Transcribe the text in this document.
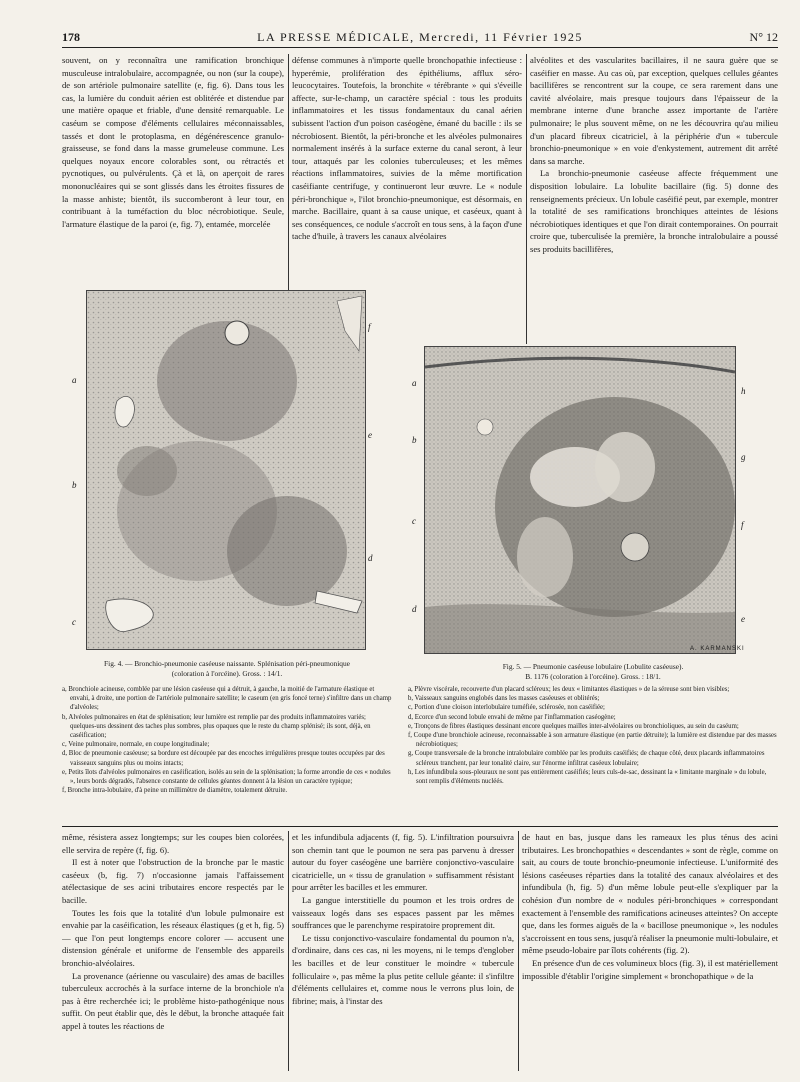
178	LA PRESSE MÉDICALE, Mercredi, 11 Février 1925	N° 12

souvent, on y reconnaîtra une ramification bronchique musculeuse intralobulaire, accompagnée, ou non (sur la coupe), de son artériole pulmonaire satellite (e, fig. 6). Dans tous les cas, la lumière du conduit aérien est oblitérée et distendue par une matière opaque et friable, d'une densité remarquable. Le caséum se compose d'éléments cellulaires méconnaissables, tassés et dont le protoplasma, en dégénérescence granulo-graisseuse, se fond dans la masse grumeleuse commune. Les quelques noyaux encore colorables sont, ou rétractés et pycnotiques, ou pulvérulents. Çà et là, on aperçoit de rares mononucléaires qui se sont glissés dans les étroites fissures de la masse anhiste; bientôt, ils succomberont à leur tour, en contribuant à la tuméfaction du bloc nécrobiotique. Seule, l'armature élastique de la paroi (e, fig. 7), entamée, morcelée

défense communes à n'importe quelle bronchopathie infectieuse : hyperémie, prolifération des épithéliums, afflux séro-leucocytaires. Toutefois, la bronchite « térébrante » qui s'éveille affecte, sur-le-champ, un caractère spécial : tous les produits inflammatoires et les tissus fondamentaux du canal aérien subissent l'action d'un poison caséogène, émané du bacille : ils se nécrobiosent. Bientôt, la péri-bronche et les alvéoles pulmonaires normalement insérés à la surface externe du canal seront, à leur tour, attaqués par les colonies tuberculeuses; et les mêmes réactions inflammatoires, suivies de la même mortification caséifiante centrifuge, y continueront leur œuvre. Le « nodule péri-bronchique », l'ilot bronchio-pneumonique, est désormais, en marche. Bacillaire, quant à sa cause unique, et caséeux, quant à ses conséquences, ce nodule s'accroît en tous sens, à la façon d'une tache d'huile, à travers les canaux alvéolaires

alvéolites et des vascularites bacillaires, il ne saura guère que se caséifier en masse. Au cas où, par exception, quelques cellules géantes bacillifères se rencontrent sur la coupe, ce sera rarement dans une cavité alvéolaire, mais presque toujours dans l'épaisseur de la membrane interne d'une branche assez importante de l'artère pulmonaire; le plus souvent même, on ne les découvrira qu'au milieu d'un placard fibreux cicatriciel, à la périphérie d'un « tubercule bronchio-pneumonique » en voie d'enkystement, autrement dit arrêté dans sa marche.

La bronchio-pneumonie caséeuse affecte fréquemment une disposition lobulaire. La lobulite bacillaire (fig. 5) donne des renseignements précieux. Un lobule caséifié peut, par exemple, montrer la totalité de ses ramifications bronchiques atteintes de lésions nécrobiotiques identiques et que l'on dirait contemporaines. On pourrait croire que, tuberculisée la première, la bronche intralobulaire a poussé ses produits bacillifères,

a
b
c
f
e
d
Fig. 4. — Bronchio-pneumonie caséeuse naissante. Splénisation péri-pneumonique
(coloration à l'orcéine). Gross. : 14/1.
a, Bronchiole acineuse, comblée par une lésion caséeuse qui a détruit, à gauche, la moitié de l'armature élastique et envahi, à droite, une portion de l'artériole pulmonaire satellite; le caseum (en gris foncé terne) s'infiltre dans un champ d'alvéoles;
b, Alvéoles pulmonaires en état de splénisation; leur lumière est remplie par des produits inflammatoires variés; quelques-uns dessinent des taches plus sombres, plus opaques que le reste du champ splénisé; ils sont, déjà, en caséification;
c, Veine pulmonaire, normale, en coupe longitudinale;
d, Bloc de pneumonie caséeuse; sa bordure est découpée par des encoches irrégulières presque toutes occupées par des vaisseaux sanguins plus ou moins intacts;
e, Petits îlots d'alvéoles pulmonaires en caséification, isolés au sein de la splénisation; la forme arrondie de ces « nodules », leurs bords dégradés, l'absence constante de cellules géantes donnent à la lésion un caractère typique;
f, Bronche intra-lobulaire, d'à peine un millimètre de diamètre, totalement détruite.
A. KARMANSKI
a
b
c
d
h
g
f
e
Fig. 5. — Pneumonie caséeuse lobulaire (Lobulite caséeuse).
B. 1176 (coloration à l'orcéine). Gross. : 18/1.
a, Plèvre viscérale, recouverte d'un placard scléreux; les deux « limitantes élastiques » de la séreuse sont bien visibles;
b, Vaisseaux sanguins englobés dans les masses caséeuses et oblitérés;
c, Portion d'une cloison interlobulaire tuméfiée, sclérosée, non caséifiée;
d, Ecorce d'un second lobule envahi de même par l'inflammation caséogène;
e, Tronçons de fibres élastiques dessinant encore quelques mailles inter-alvéolaires ou bronchioliques, au sein du caséum;
f, Coupe d'une bronchiole acineuse, reconnaissable à son armature élastique (en partie détruite); la lumière est distendue par des masses nécrobiotiques;
g, Coupe transversale de la bronche intralobulaire comblée par les produits caséifiés; de chaque côté, deux placards inflammatoires scléreux tranchent, par leur tonalité claire, sur l'énorme infiltrat caséeux lobulaire;
h, Les infundibula sous-pleuraux ne sont pas entièrement caséifiés; leurs culs-de-sac, dessinant la « limitante marginale » du lobule, sont remplis d'éléments nucléés.

même, résistera assez longtemps; sur les coupes bien colorées, elle servira de repère (f, fig. 6).

Il est à noter que l'obstruction de la bronche par le mastic caséeux (b, fig. 7) n'occasionne jamais l'affaissement atélectasique de ses acini tributaires encore respectés par le bacille.

Toutes les fois que la totalité d'un lobule pulmonaire est envahie par la caséification, les réseaux élastiques (g et h, fig. 5) — que l'on peut longtemps encore colorer — accusent une distension générale et uniforme de l'ensemble des appareils bronchio-alvéolaires.

La provenance (aérienne ou vasculaire) des amas de bacilles tuberculeux accrochés à la surface interne de la bronchiole n'a pas à être recherchée ici; le problème histo-pathogénique nous suffit. On peut établir que, dès le début, la bronche attaquée fait appel à toutes les réactions de

et les infundibula adjacents (f, fig. 5). L'infiltration poursuivra son chemin tant que le poumon ne sera pas parvenu à dresser autour du foyer caséogène une barrière conjonctivo-vasculaire cicatricielle, un « tissu de granulation » suffisamment résistant pour arrêter les bacilles et les emmurer.

La gangue interstitielle du poumon et les trois ordres de vaisseaux logés dans ses espaces passent par les mêmes souffrances que le parenchyme respiratoire proprement dit.

Le tissu conjonctivo-vasculaire fondamental du poumon n'a, d'ordinaire, dans ces cas, ni les moyens, ni le temps d'englober les bacilles et de leur constituer le moindre « tubercule folliculaire », pas même la plus petite cellule géante: il s'infiltre d'éléments cellulaires et, comme nous le verrons plus loin, de fibrine; mais, à l'instar des

de haut en bas, jusque dans les rameaux les plus ténus des acini tributaires. Les bronchopathies « descendantes » sont de règle, comme on sait, au cours de toute bronchio-pneumonie infectieuse. L'uniformité des lésions caséeuses réparties dans la totalité des canaux alvéolaires et des infundibula (h, fig. 5) d'un même lobule peut-elle s'expliquer par la cohésion d'un nombre de « nodules péri-bronchiques » correspondant exactement à l'ensemble des ramifications acineuses atteintes? On accepte que, dans les formes aiguës de la « bacillose pneumonique », les nodules s'accroissent en tous sens, jusqu'à réaliser la pneumonie multi-lobulaire, et même pseudo-lobaire par îlots cohérents (fig. 2).

En présence d'un de ces volumineux blocs (fig. 3), il est matériellement impossible d'établir l'origine simplement « bronchopathique » de la
